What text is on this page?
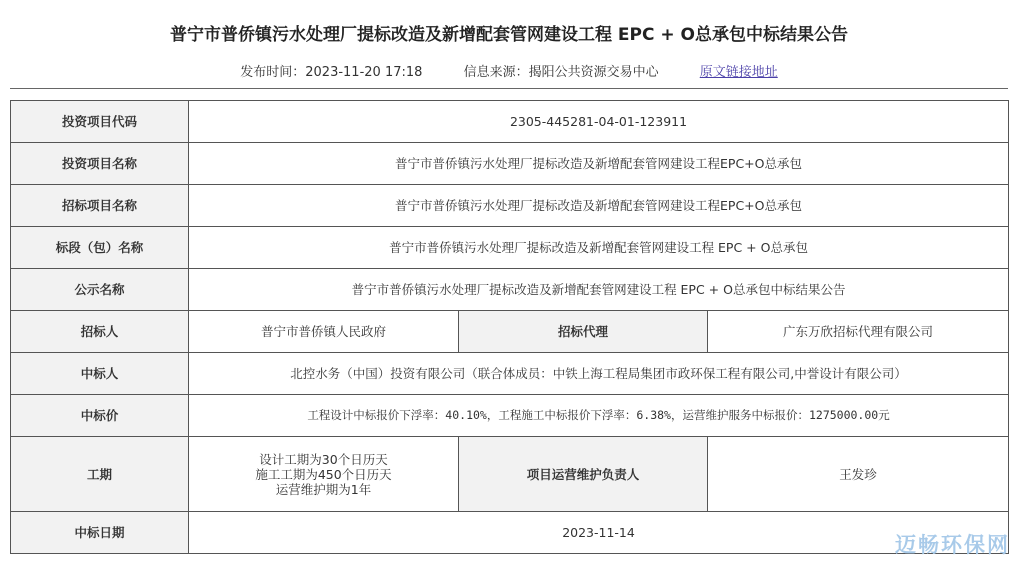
普宁市普侨镇污水处理厂提标改造及新增配套管网建设工程 EPC + O总承包中标结果公告
发布时间：2023-11-20 17:18	信息来源：揭阳公共资源交易中心	原文链接地址
投资项目代码	2305-445281-04-01-123911		
投资项目名称	普宁市普侨镇污水处理厂提标改造及新增配套管网建设工程EPC+O总承包		
招标项目名称	普宁市普侨镇污水处理厂提标改造及新增配套管网建设工程EPC+O总承包		
标段（包）名称	普宁市普侨镇污水处理厂提标改造及新增配套管网建设工程 EPC + O总承包		
公示名称	普宁市普侨镇污水处理厂提标改造及新增配套管网建设工程 EPC + O总承包中标结果公告		
招标人	普宁市普侨镇人民政府	招标代理	广东万欣招标代理有限公司
中标人	北控水务（中国）投资有限公司（联合体成员：中铁上海工程局集团市政环保工程有限公司,中誉设计有限公司）		
中标价	工程设计中标报价下浮率：40.10%，工程施工中标报价下浮率：6.38%，运营维护服务中标报价：1275000.00元		
工期	设计工期为30个日历天
施工工期为450个日历天
运营维护期为1年	项目运营维护负责人	王发珍
中标日期	2023-11-14		
迈畅环保网
